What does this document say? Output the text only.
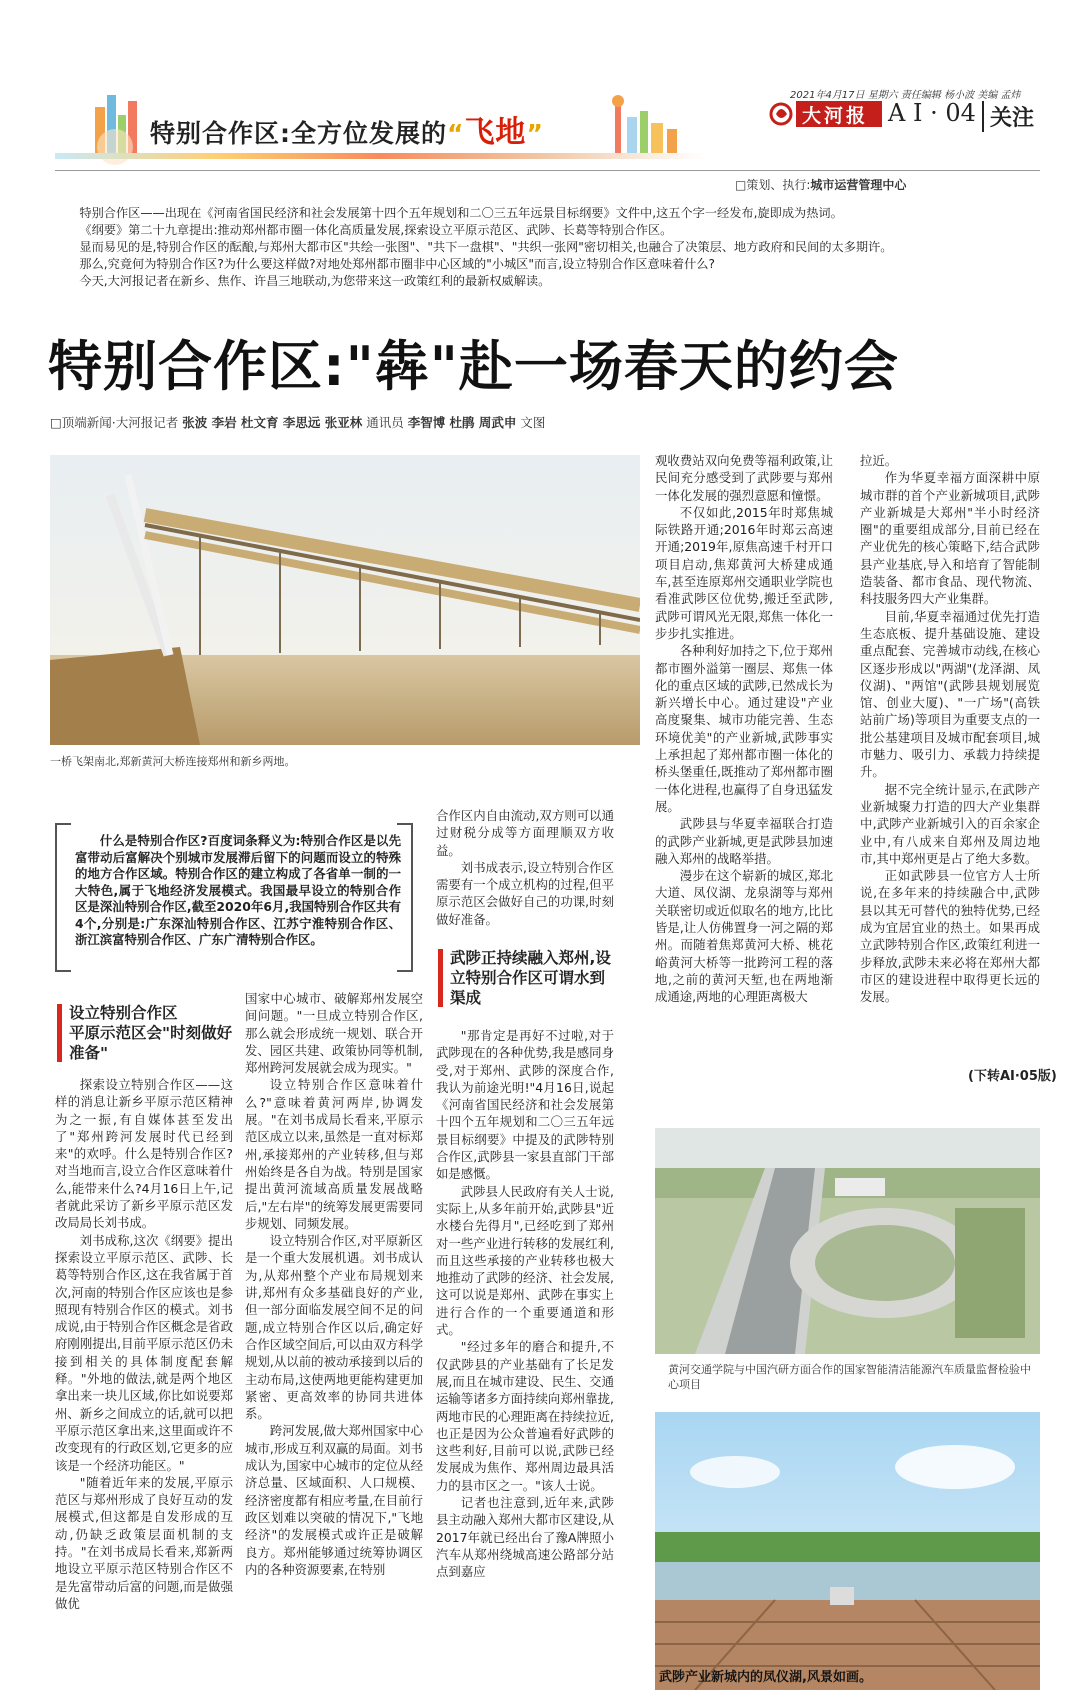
特别合作区:全方位发展的“飞地”
2021年4月17日 星期六 责任编辑 杨小波 美编 孟炜
大河报 A I · 04 关注
□策划、执行:城市运营管理中心

特别合作区——出现在《河南省国民经济和社会发展第十四个五年规划和二〇三五年远景目标纲要》文件中,这五个字一经发布,旋即成为热词。

《纲要》第二十九章提出:推动郑州都市圈一体化高质量发展,探索设立平原示范区、武陟、长葛等特别合作区。

显而易见的是,特别合作区的酝酿,与郑州大都市区"共绘一张图"、"共下一盘棋"、"共织一张网"密切相关,也融合了决策层、地方政府和民间的太多期许。

那么,究竟何为特别合作区?为什么要这样做?对地处郑州都市圈非中心区域的"小城区"而言,设立特别合作区意味着什么?

今天,大河报记者在新乡、焦作、许昌三地联动,为您带来这一政策红利的最新权威解读。

特别合作区:"犇"赴一场春天的约会
□顶端新闻·大河报记者 张波 李岩 杜文育 李思远 张亚林 通讯员 李智博 杜鹃 周武申 文图
一桥飞架南北,郑新黄河大桥连接郑州和新乡两地。

什么是特别合作区?百度词条释义为:特别合作区是以先富带动后富解决个别城市发展滞后留下的问题而设立的特殊的地方合作区域。特别合作区的建立构成了各省单一制的一大特色,属于飞地经济发展模式。我国最早设立的特别合作区是深汕特别合作区,截至2020年6月,我国特别合作区共有4个,分别是:广东深汕特别合作区、江苏宁淮特别合作区、浙江滨富特别合作区、广东广清特别合作区。

设立特别合作区
平原示范区会"时刻做好准备"

探索设立特别合作区——这样的消息让新乡平原示范区精神为之一振,有自媒体甚至发出了"郑州跨河发展时代已经到来"的欢呼。什么是特别合作区?对当地而言,设立合作区意味着什么,能带来什么?4月16日上午,记者就此采访了新乡平原示范区发改局局长刘书成。

刘书成称,这次《纲要》提出探索设立平原示范区、武陟、长葛等特别合作区,这在我省属于首次,河南的特别合作区应该也是参照现有特别合作区的模式。刘书成说,由于特别合作区概念是省政府刚刚提出,目前平原示范区仍未接到相关的具体制度配套解释。"外地的做法,就是两个地区拿出来一块儿区域,你比如说要郑州、新乡之间成立的话,就可以把平原示范区拿出来,这里面或许不改变现有的行政区划,它更多的应该是一个经济功能区。"

"随着近年来的发展,平原示范区与郑州形成了良好互动的发展模式,但这都是自发形成的互动,仍缺乏政策层面机制的支持。"在刘书成局长看来,郑新两地设立平原示范区特别合作区不是先富带动后富的问题,而是做强做优

国家中心城市、破解郑州发展空间问题。"一旦成立特别合作区,那么就会形成统一规划、联合开发、园区共建、政策协同等机制,郑州跨河发展就会成为现实。"

设立特别合作区意味着什么?"意味着黄河两岸,协调发展。"在刘书成局长看来,平原示范区成立以来,虽然是一直对标郑州,承接郑州的产业转移,但与郑州始终是各自为战。特别是国家提出黄河流域高质量发展战略后,"左右岸"的统筹发展更需要同步规划、同频发展。

设立特别合作区,对平原新区是一个重大发展机遇。刘书成认为,从郑州整个产业布局规划来讲,郑州有众多基础良好的产业,但一部分面临发展空间不足的问题,成立特别合作区以后,确定好合作区域空间后,可以由双方科学规划,从以前的被动承接到以后的主动布局,这使两地更能构建更加紧密、更高效率的协同共进体系。

跨河发展,做大郑州国家中心城市,形成互利双赢的局面。刘书成认为,国家中心城市的定位从经济总量、区域面积、人口规模、经济密度都有相应考量,在目前行政区划难以突破的情况下,"飞地经济"的发展模式或许正是破解良方。郑州能够通过统筹协调区内的各种资源要素,在特别

合作区内自由流动,双方则可以通过财税分成等方面理顺双方收益。

刘书成表示,设立特别合作区需要有一个成立机构的过程,但平原示范区会做好自己的功课,时刻做好准备。

武陟正持续融入郑州,设立特别合作区可谓水到渠成

"那肯定是再好不过啦,对于武陟现在的各种优势,我是感同身受,对于郑州、武陟的深度合作,我认为前途光明!"4月16日,说起《河南省国民经济和社会发展第十四个五年规划和二〇三五年远景目标纲要》中提及的武陟特别合作区,武陟县一家县直部门干部如是感慨。

武陟县人民政府有关人士说,实际上,从多年前开始,武陟县"近水楼台先得月",已经吃到了郑州对一些产业进行转移的发展红利,而且这些承接的产业转移也极大地推动了武陟的经济、社会发展,这可以说是郑州、武陟在事实上进行合作的一个重要通道和形式。

"经过多年的磨合和提升,不仅武陟县的产业基础有了长足发展,而且在城市建设、民生、交通运输等诸多方面持续向郑州靠拢,两地市民的心理距离在持续拉近,也正是因为公众普遍看好武陟的这些利好,目前可以说,武陟已经发展成为焦作、郑州周边最具活力的县市区之一。"该人士说。

记者也注意到,近年来,武陟县主动融入郑州大都市区建设,从2017年就已经出台了豫A牌照小汽车从郑州绕城高速公路部分站点到嘉应

观收费站双向免费等福利政策,让民间充分感受到了武陟要与郑州一体化发展的强烈意愿和憧憬。

不仅如此,2015年时郑焦城际铁路开通;2016年时郑云高速开通;2019年,原焦高速千村开口项目启动,焦郑黄河大桥建成通车,甚至连原郑州交通职业学院也看准武陟区位优势,搬迁至武陟,武陟可谓风光无限,郑焦一体化一步步扎实推进。

各种利好加持之下,位于郑州都市圈外溢第一圈层、郑焦一体化的重点区域的武陟,已然成长为新兴增长中心。通过建设"产业高度聚集、城市功能完善、生态环境优美"的产业新城,武陟事实上承担起了郑州都市圈一体化的桥头堡重任,既推动了郑州都市圈一体化进程,也赢得了自身迅猛发展。

武陟县与华夏幸福联合打造的武陟产业新城,更是武陟县加速融入郑州的战略举措。

漫步在这个崭新的城区,郑北大道、凤仪湖、龙泉湖等与郑州关联密切或近似取名的地方,比比皆是,让人仿佛置身一河之隔的郑州。而随着焦郑黄河大桥、桃花峪黄河大桥等一批跨河工程的落地,之前的黄河天堑,也在两地渐成通途,两地的心理距离极大

拉近。

作为华夏幸福方面深耕中原城市群的首个产业新城项目,武陟产业新城是大郑州"半小时经济圈"的重要组成部分,目前已经在产业优先的核心策略下,结合武陟县产业基底,导入和培育了智能制造装备、都市食品、现代物流、科技服务四大产业集群。

目前,华夏幸福通过优先打造生态底板、提升基础设施、建设重点配套、完善城市动线,在核心区逐步形成以"两湖"(龙泽湖、凤仪湖)、"两馆"(武陟县规划展览馆、创业大厦)、"一广场"(高铁站前广场)等项目为重要支点的一批公基建项目及城市配套项目,城市魅力、吸引力、承载力持续提升。

据不完全统计显示,在武陟产业新城聚力打造的四大产业集群中,武陟产业新城引入的百余家企业中,有八成来自郑州及周边地市,其中郑州更是占了绝大多数。

正如武陟县一位官方人士所说,在多年来的持续融合中,武陟县以其无可替代的独特优势,已经成为宜居宜业的热土。如果再成立武陟特别合作区,政策红利进一步释放,武陟未来必将在郑州大都市区的建设进程中取得更长远的发展。

(下转AⅠ·05版)
黄河交通学院与中国汽研方面合作的国家智能清洁能源汽车质量监督检验中心项目
武陟产业新城内的凤仪湖,风景如画。
